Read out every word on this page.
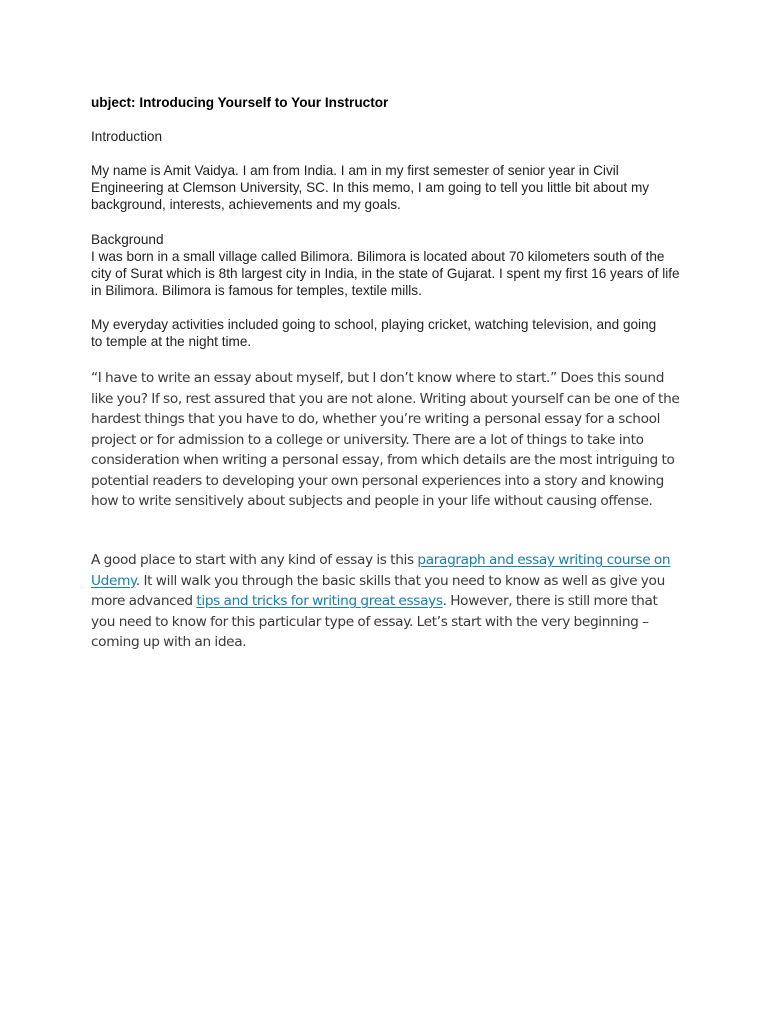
ubject: Introducing Yourself to Your Instructor

Introduction

My name is Amit Vaidya. I am from India. I am in my first semester of senior year in Civil Engineering at Clemson University, SC. In this memo, I am going to tell you little bit about my background, interests, achievements and my goals.

Background

I was born in a small village called Bilimora. Bilimora is located about 70 kilometers south of the city of Surat which is 8th largest city in India, in the state of Gujarat. I spent my first 16 years of life in Bilimora. Bilimora is famous for temples, textile mills.

My everyday activities included going to school, playing cricket, watching television, and going to temple at the night time.

“I have to write an essay about myself, but I don’t know where to start.” Does this sound like you? If so, rest assured that you are not alone. Writing about yourself can be one of the hardest things that you have to do, whether you’re writing a personal essay for a school project or for admission to a college or university. There are a lot of things to take into consideration when writing a personal essay, from which details are the most intriguing to potential readers to developing your own personal experiences into a story and knowing how to write sensitively about subjects and people in your life without causing offense.

A good place to start with any kind of essay is this paragraph and essay writing course on Udemy. It will walk you through the basic skills that you need to know as well as give you more advanced tips and tricks for writing great essays. However, there is still more that you need to know for this particular type of essay. Let’s start with the very beginning – coming up with an idea.
